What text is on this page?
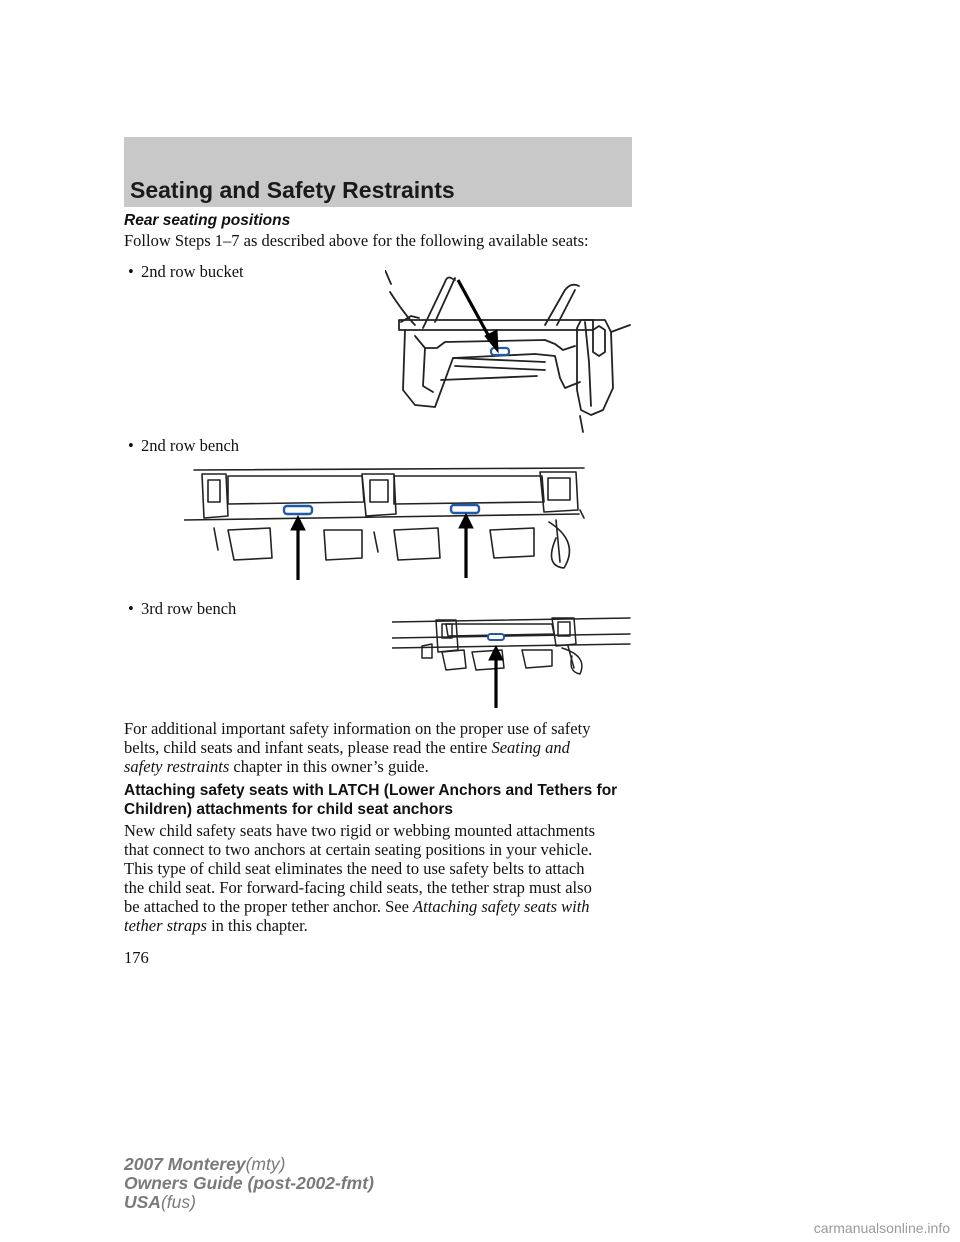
Seating and Safety Restraints
Rear seating positions
Follow Steps 1–7 as described above for the following available seats:
• 2nd row bucket
• 2nd row bench
• 3rd row bench
For additional important safety information on the proper use of safety
belts, child seats and infant seats, please read the entire Seating and
safety restraints chapter in this owner’s guide.
Attaching safety seats with LATCH (Lower Anchors and Tethers for
Children) attachments for child seat anchors
New child safety seats have two rigid or webbing mounted attachments
that connect to two anchors at certain seating positions in your vehicle.
This type of child seat eliminates the need to use safety belts to attach
the child seat. For forward-facing child seats, the tether strap must also
be attached to the proper tether anchor. See Attaching safety seats with
tether straps in this chapter.
176
2007 Monterey(mty)
Owners Guide (post-2002-fmt)
USA(fus)
carmanualsonline.info
